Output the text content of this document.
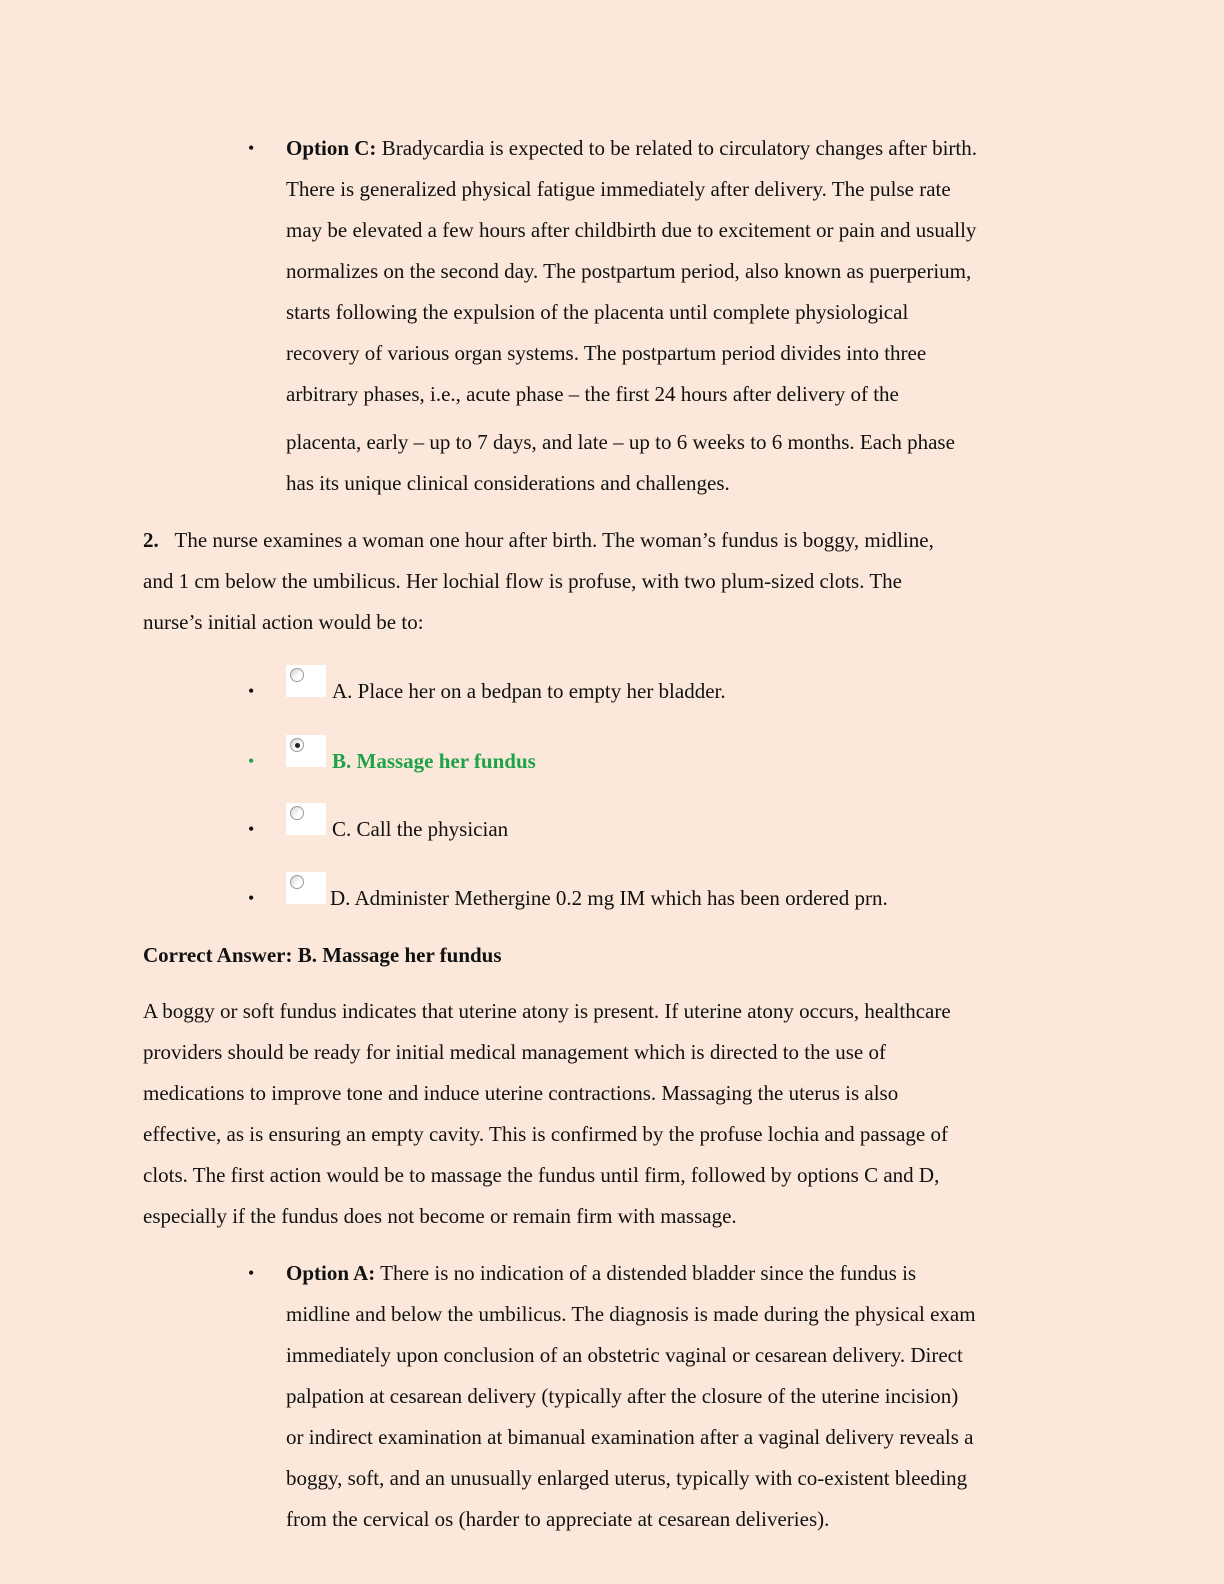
•	Option C: Bradycardia is expected to be related to circulatory changes after birth.

There is generalized physical fatigue immediately after delivery. The pulse rate

may be elevated a few hours after childbirth due to excitement or pain and usually

normalizes on the second day. The postpartum period, also known as puerperium,

starts following the expulsion of the placenta until complete physiological

recovery of various organ systems. The postpartum period divides into three

arbitrary phases, i.e., acute phase – the first 24 hours after delivery of the

placenta, early – up to 7 days, and late – up to 6 weeks to 6 months. Each phase

has its unique clinical considerations and challenges.

2. The nurse examines a woman one hour after birth. The woman’s fundus is boggy, midline,

and 1 cm below the umbilicus. Her lochial flow is profuse, with two plum-sized clots. The

nurse’s initial action would be to:

•	A. Place her on a bedpan to empty her bladder.
•	B. Massage her fundus
•	C. Call the physician
•	D. Administer Methergine 0.2 mg IM which has been ordered prn.
Correct Answer: B. Massage her fundus

A boggy or soft fundus indicates that uterine atony is present. If uterine atony occurs, healthcare

providers should be ready for initial medical management which is directed to the use of

medications to improve tone and induce uterine contractions. Massaging the uterus is also

effective, as is ensuring an empty cavity. This is confirmed by the profuse lochia and passage of

clots. The first action would be to massage the fundus until firm, followed by options C and D,

especially if the fundus does not become or remain firm with massage.

•	Option A: There is no indication of a distended bladder since the fundus is

midline and below the umbilicus. The diagnosis is made during the physical exam

immediately upon conclusion of an obstetric vaginal or cesarean delivery. Direct

palpation at cesarean delivery (typically after the closure of the uterine incision)

or indirect examination at bimanual examination after a vaginal delivery reveals a

boggy, soft, and an unusually enlarged uterus, typically with co-existent bleeding

from the cervical os (harder to appreciate at cesarean deliveries).
